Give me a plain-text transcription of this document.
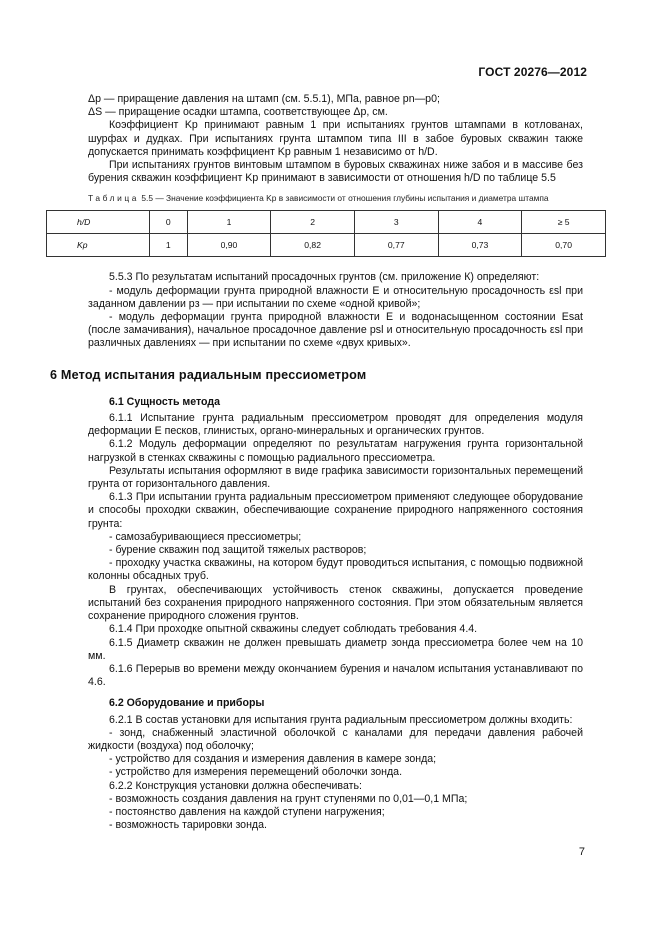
ГОСТ 20276—2012

Δp — приращение давления на штамп (см. 5.5.1), МПа, равное pn—p0;

ΔS — приращение осадки штампа, соответствующее Δp, см.

Коэффициент Kp принимают равным 1 при испытаниях грунтов штампами в котлованах, шурфах и дудках. При испытаниях грунта штампом типа III в забое буровых скважин также допускается принимать коэффициент Kp равным 1 независимо от h/D.

При испытаниях грунтов винтовым штампом в буровых скважинах ниже забоя и в массиве без бурения скважин коэффициент Kp принимают в зависимости от отношения h/D по таблице 5.5

Таблица 5.5 — Значение коэффициента Kp в зависимости от отношения глубины испытания и диаметра штампа
h/D	0	1	2	3	4	≥ 5
Kp	1	0,90	0,82	0,77	0,73	0,70

5.5.3 По результатам испытаний просадочных грунтов (см. приложение К) определяют:

- модуль деформации грунта природной влажности E и относительную просадочность εsl при заданном давлении pз — при испытании по схеме «одной кривой»;

- модуль деформации грунта природной влажности E и водонасыщенном состоянии Esat (после замачивания), начальное просадочное давление psl и относительную просадочность εsl при различных давлениях — при испытании по схеме «двух кривых».

6 Метод испытания радиальным прессиометром

6.1 Сущность метода

6.1.1 Испытание грунта радиальным прессиометром проводят для определения модуля деформации E песков, глинистых, органо-минеральных и органических грунтов.

6.1.2 Модуль деформации определяют по результатам нагружения грунта горизонтальной нагрузкой в стенках скважины с помощью радиального прессиометра.

Результаты испытания оформляют в виде графика зависимости горизонтальных перемещений грунта от горизонтального давления.

6.1.3 При испытании грунта радиальным прессиометром применяют следующее оборудование и способы проходки скважин, обеспечивающие сохранение природного напряженного состояния грунта:

- самозабуривающиеся прессиометры;

- бурение скважин под защитой тяжелых растворов;

- проходку участка скважины, на котором будут проводиться испытания, с помощью подвижной колонны обсадных труб.

В грунтах, обеспечивающих устойчивость стенок скважины, допускается проведение испытаний без сохранения природного напряженного состояния. При этом обязательным является сохранение природного сложения грунтов.

6.1.4 При проходке опытной скважины следует соблюдать требования 4.4.

6.1.5 Диаметр скважин не должен превышать диаметр зонда прессиометра более чем на 10 мм.

6.1.6 Перерыв во времени между окончанием бурения и началом испытания устанавливают по 4.6.

6.2 Оборудование и приборы

6.2.1 В состав установки для испытания грунта радиальным прессиометром должны входить:

- зонд, снабженный эластичной оболочкой с каналами для передачи давления рабочей жидкости (воздуха) под оболочку;

- устройство для создания и измерения давления в камере зонда;

- устройство для измерения перемещений оболочки зонда.

6.2.2 Конструкция установки должна обеспечивать:

- возможность создания давления на грунт ступенями по 0,01—0,1 МПа;

- постоянство давления на каждой ступени нагружения;

- возможность тарировки зонда.

7
